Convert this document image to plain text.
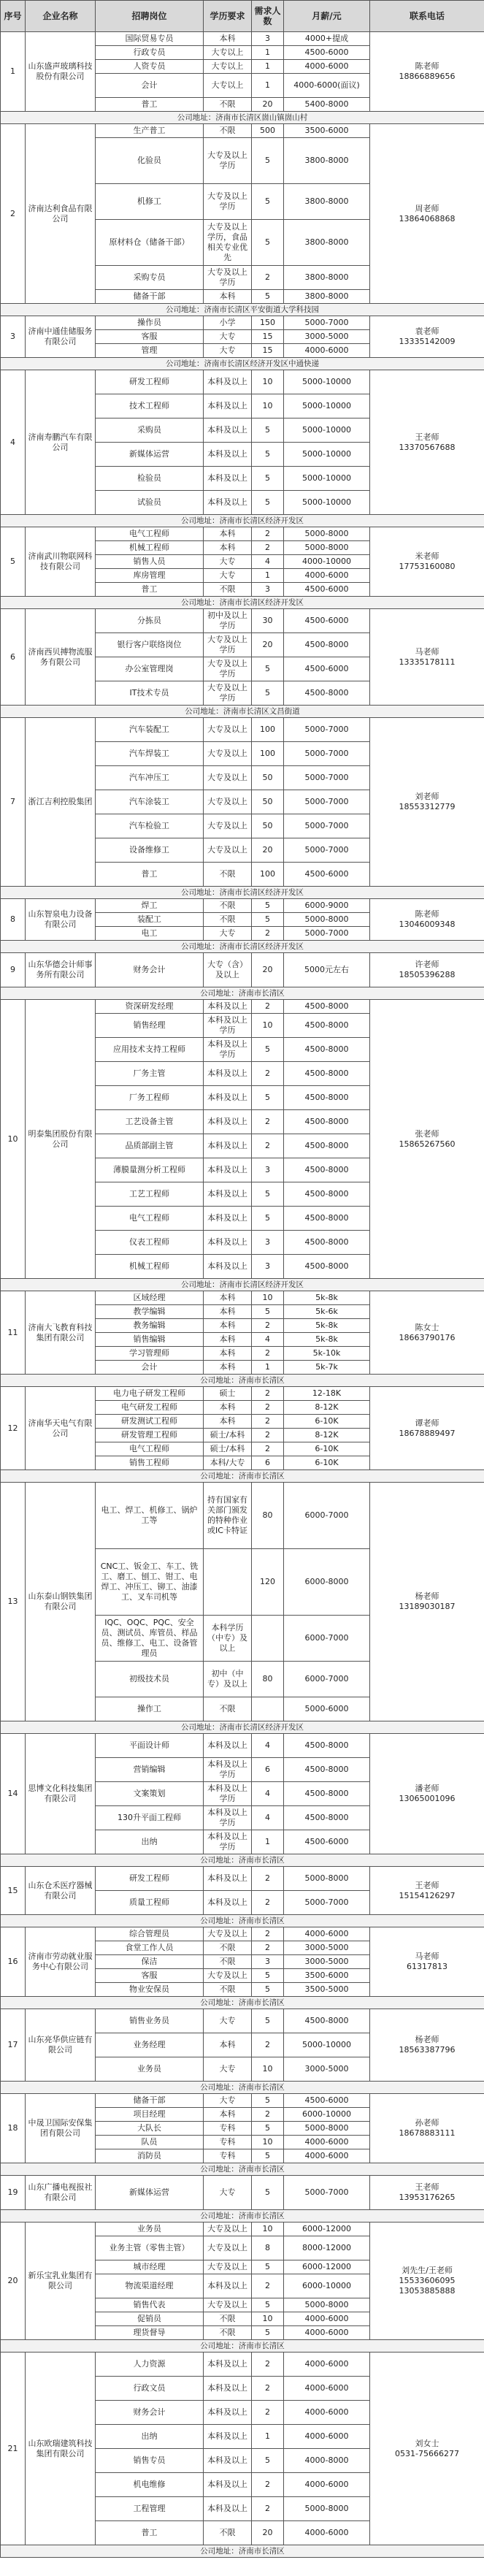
序号	企业名称	招聘岗位	学历要求	需求人数	月薪/元	联系电话
1	山东盛声玻璃科技股份有限公司	国际贸易专员	本科	3	4000+提成	陈老师
18866889656
		行政专员	大专以上	1	4500-6000	
		人资专员	大专以上	1	4000-6000	
		会计	大专以上	1	4000-6000(面议)	
		普工	不限	20	5400-8000	
公司地址：济南市长清区崮山镇崮山村						
2	济南达利食品有限公司	生产普工	不限	500	3500-6000	周老师
13864068868
		化验员	大专及以上学历	5	3800-8000	
		机修工	大专及以上学历	5	3800-8000	
		原材料仓（储备干部）	大专及以上学历，食品相关专业优先	5	3800-8000	
		采购专员	大专及以上学历	2	3800-8000	
		储备干部	本科	5	3800-8000	
公司地址：济南市长清区平安街道大学科技园						
3	济南中通佳储服务有限公司	操作员	小学	150	5000-7000	袁老师
13335142009
		客服	大专	15	3000-5000	
		管理	大专	15	4000-6000	
公司地址：济南市长清区经济开发区中通快递						
4	济南寿鹏汽车有限公司	研发工程师	本科及以上	10	5000-10000	王老师
13370567688
		技术工程师	本科及以上	10	5000-10000	
		采购员	本科及以上	5	5000-10000	
		新媒体运营	本科及以上	5	5000-10000	
		检验员	本科及以上	5	5000-10000	
		试验员	本科及以上	5	5000-10000	
公司地址：济南市长清区经济开发区						
5	济南武川物联网科技有限公司	电气工程师	本科	2	5000-8000	米老师
17753160080
		机械工程师	本科	2	5000-8000	
		销售人员	大专	4	4000-10000	
		库房管理	大专	1	4000-6000	
		普工	不限	3	4500-6000	
公司地址：济南市长清区经济开发区						
6	济南西贝搏物流服务有限公司	分拣员	初中及以上学历	30	4500-6000	马老师
13335178111
		银行客户联络岗位	大专及以上学历	20	4500-8000	
		办公室管理岗	大专及以上学历	5	4500-6000	
		IT技术专员	大专及以上学历	5	4500-8000	
公司地址：济南市长清区文昌街道						
7	浙江吉利控股集团	汽车装配工	大专及以上	100	5000-7000	刘老师
18553312779
		汽车焊装工	大专及以上	100	5000-7000	
		汽车冲压工	大专及以上	50	5000-7000	
		汽车涂装工	大专及以上	50	5000-7000	
		汽车检验工	大专及以上	50	5000-7000	
		设备维修工	大专及以上	20	5000-7000	
		普工	不限	100	4500-6000	
公司地址：济南市长清区经济开发区						
8	山东智泉电力设备有限公司	焊工	不限	5	6000-9000	陈老师
13046009348
		装配工	不限	5	5000-8000	
		电工	大专	2	5000-7000	
公司地址：济南市长清区经济开发区						
9	山东华德会计师事务所有限公司	财务会计	大专（含）及以上	20	5000元左右	许老师
18505396288
公司地址：济南市长清区						
10	明泰集团股份有限公司	资深研发经理	本科及以上	2	4500-8000	张老师
15865267560
		销售经理	本科及以上学历	10	4500-8000	
		应用技术支持工程师	本科及以上学历	5	4500-8000	
		厂务主管	本科及以上	2	4500-8000	
		厂务工程师	本科及以上	5	4500-8000	
		工艺设备主管	本科及以上	2	4500-8000	
		品质部副主管	本科及以上	2	4500-8000	
		薄膜量测分析工程师	本科及以上	3	4500-8000	
		工艺工程师	本科及以上	5	4500-8000	
		电气工程师	本科及以上	5	4500-8000	
		仪表工程师	本科及以上	3	4500-8000	
		机械工程师	本科及以上	3	4500-8000	
公司地址：济南市长清区经济开发区						
11	济南大飞教育科技集团有限公司	区域经理	本科	10	5k-8k	陈女士
18663790176
		教学编辑	本科	5	5k-6k	
		教务编辑	本科	2	5k-8k	
		销售编辑	本科	4	5k-8k	
		学习管理师	本科	2	5k-10k	
		会计	本科	1	5k-7k	
公司地址：济南市长清区						
12	济南华天电气有限公司	电力电子研发工程师	硕士	2	12-18K	谭老师
18678889497
		电气研发工程师	本科	2	8-12K	
		研发测试工程师	本科	2	6-10K	
		研发管理工程师	硕士/本科	2	8-12K	
		电气工程师	硕士/本科	2	6-10K	
		销售工程师	本科/大专	6	6-10K	
公司地址：济南市长清区						
13	山东泰山钢铁集团有限公司	电工、焊工、机修工、锅炉工等	持有国家有关部门颁发的特种作业或IC卡特证	80	6000-7000	杨老师
13189030187
		CNC工、钣金工、车工、铣工、磨工、刨工、钳工、电焊工、冲压工、铆工、油漆工、叉车司机等		120	6000-8000	
		IQC、OQC、PQC、安全员、测试员、库管员、样品员、维修工、电工、设备管理员	本科学历（中专）及以上		6000-7000	
		初级技术员	初中（中专）及以上	80	6000-7000	
		操作工	不限		5000-6000	
公司地址：济南市长清区经济开发区						
14	思博文化科技集团有限公司	平面设计师	本科及以上	4	4500-8000	潘老师
13065001096
		营销编辑	本科及以上学历	6	4500-8000	
		文案策划	本科及以上学历	4	4500-8000	
		130升平面工程师	本科及以上学历	4	4500-8000	
		出纳	本科及以上学历	1	4500-6000	
公司地址：济南市长清区						
15	山东仓禾医疗器械有限公司	研发工程师	本科及以上	2	5000-8000	王老师
15154126297
		质量工程师	本科及以上	2	5000-7000	
公司地址：济南市长清区						
16	济南市劳动就业服务中心有限公司	综合管理员	大专及以上	2	4000-6000	马老师
61317813
		食堂工作人员	不限	2	3000-5000	
		保洁	不限	3	3000-5000	
		客服	大专及以上	5	3500-6000	
		物业安保员	不限	5	3500-5000	
公司地址：济南市长清区						
17	山东亮华供应链有限公司	销售业务员	大专	5	4500-8000	杨老师
18563387796
		业务经理	本科	2	5000-10000	
		业务员	大专	10	3000-5000	
公司地址：济南市长清区						
18	中晟卫国际安保集团有限公司	储备干部	大专	5	4500-6000	孙老师
18678883111
		项目经理	本科	2	6000-10000	
		大队长	专科	5	5000-8000	
		队员	专科	10	4000-6000	
		消防员	专科	5	4000-6000	
公司地址：济南市长清区						
19	山东广播电视报社有限公司	新媒体运营	大专	5	5000-7000	王老师
13953176265
公司地址：济南市长清区						
20	新乐宝乳业集团有限公司	业务员	大专及以上	10	6000-12000	刘先生/王老师
15533606095
13053885888
		业务主管（零售主管）	大专及以上	8	8000-12000	
		城市经理	大专及以上	5	6000-12000	
		物流渠道经理	本科及以上	2	6000-10000	
		销售代表	大专及以上	5	5000-8000	
		促销员	不限	10	4000-6000	
		理货督导	不限	5	4000-6000	
公司地址：济南市长清区						
21	山东欧瑞建筑科技集团有限公司	人力资源	本科及以上	2	4000-6000	刘女士
0531-75666277
		行政文员	本科及以上	2	4000-6000	
		财务会计	本科及以上	2	4000-6000	
		出纳	本科及以上	1	4000-6000	
		销售专员	本科及以上	5	4000-8000	
		机电维修	本科及以上	2	4000-6000	
		工程管理	本科及以上	2	5000-8000	
		普工	不限	20	4000-6000	
公司地址：济南市长清区						
